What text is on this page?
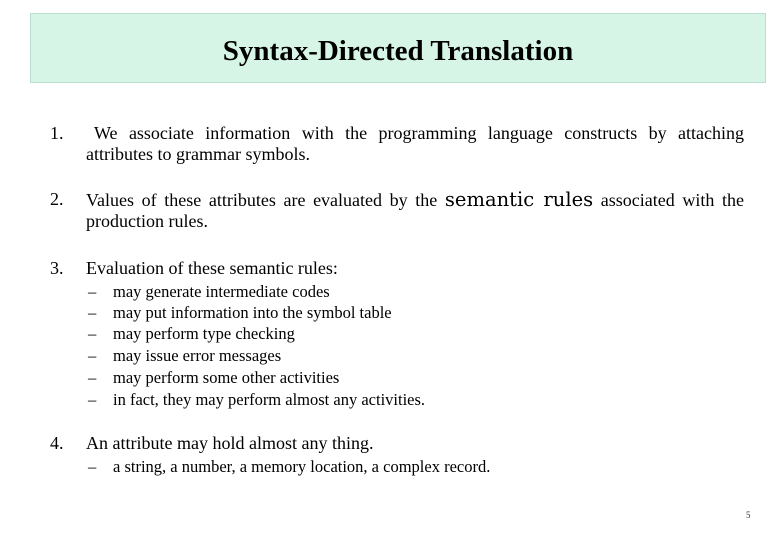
Syntax-Directed Translation
1.	We associate information with the programming language constructs by attaching attributes to grammar symbols.
2. Values of these attributes are evaluated by the semantic rules associated with the production rules.
3. Evaluation of these semantic rules:
– may generate intermediate codes
– may put information into the symbol table
– may perform type checking
– may issue error messages
– may perform some other activities
– in fact, they may perform almost any activities.
4. An attribute may hold almost any thing.
– a string, a number, a memory location, a complex record.
5
